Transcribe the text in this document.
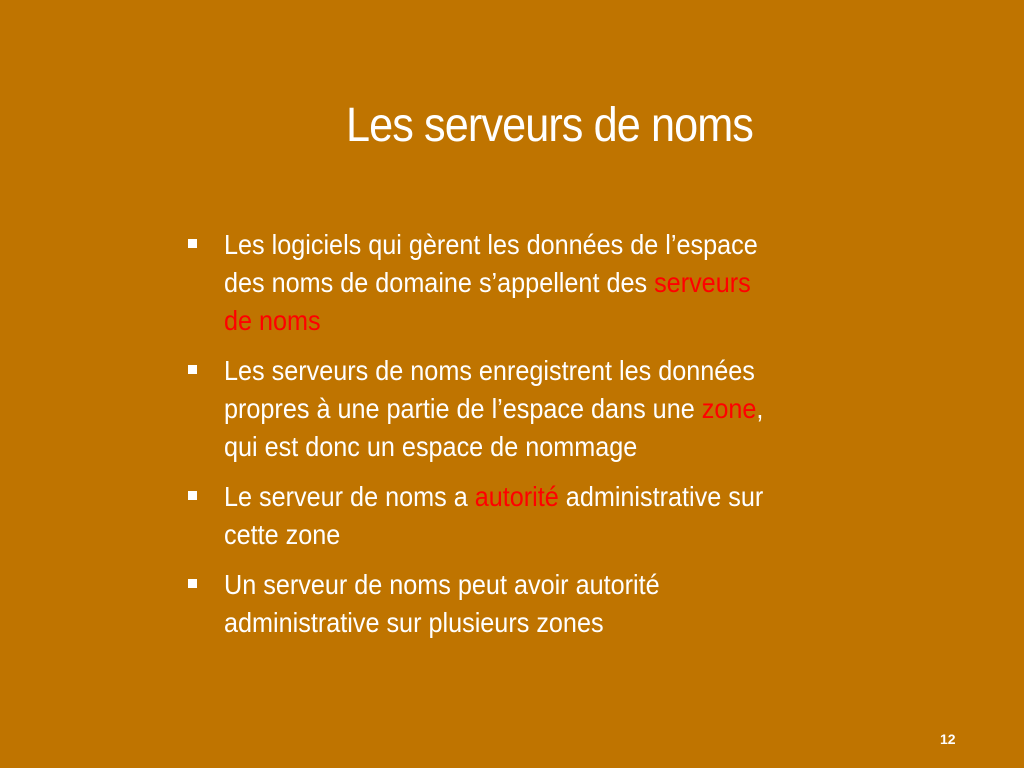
Les serveurs de noms
Les logiciels qui gèrent les données de l’espace
des noms de domaine s’appellent des serveurs
de noms
Les serveurs de noms enregistrent les données
propres à une partie de l’espace dans une zone,
qui est donc un espace de nommage
Le serveur de noms a autorité administrative sur
cette zone
Un serveur de noms peut avoir autorité
administrative sur plusieurs zones
12
